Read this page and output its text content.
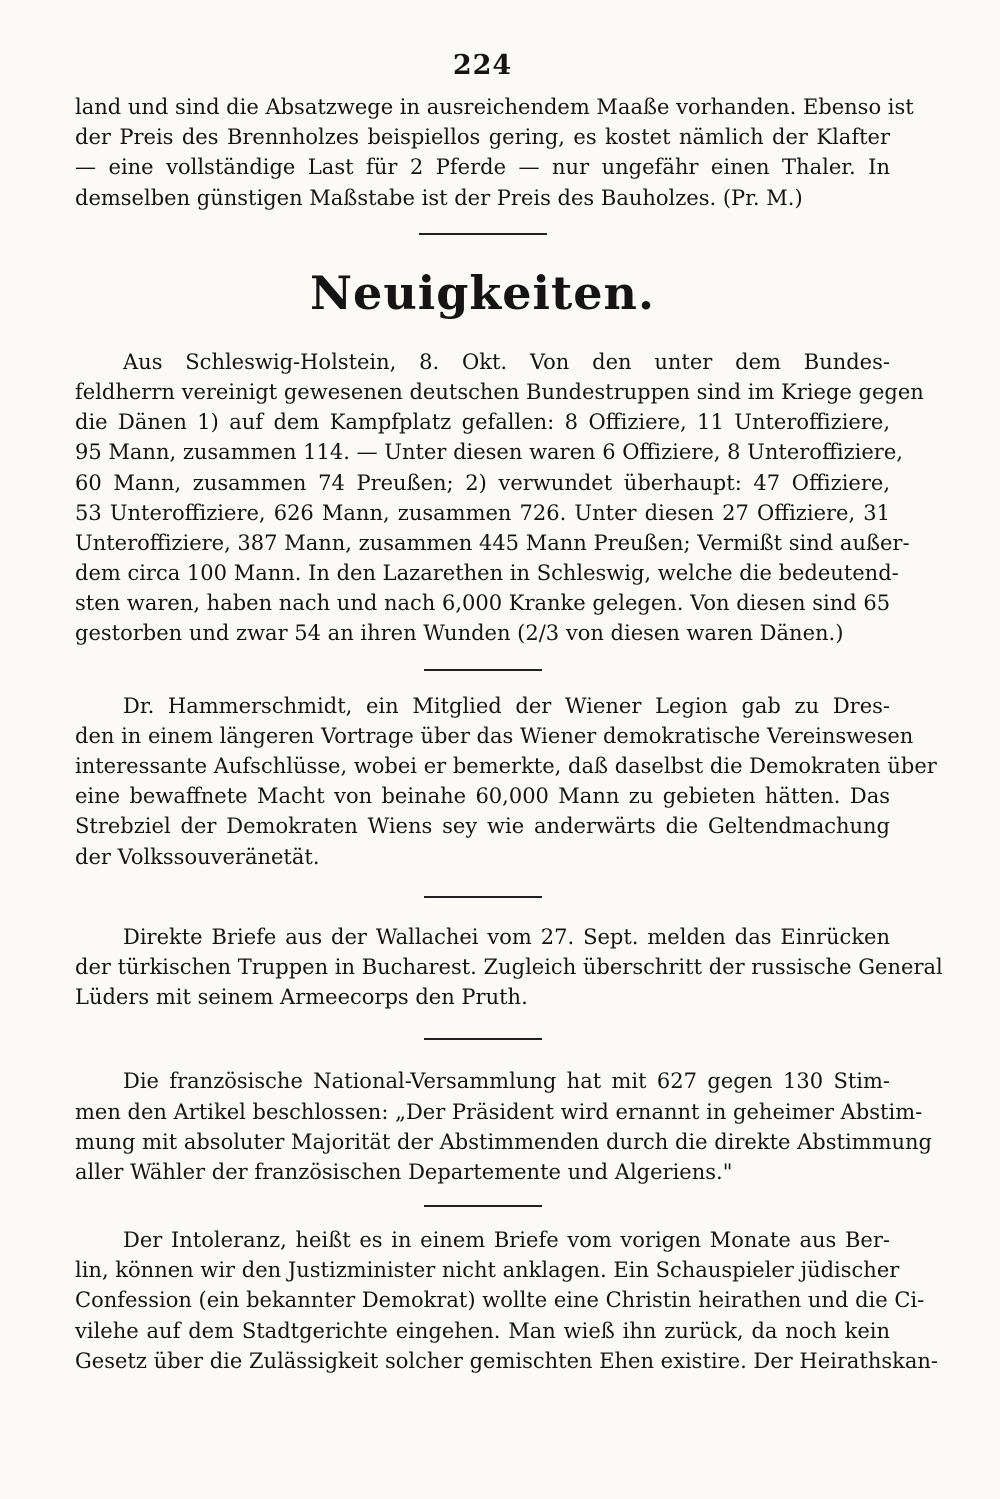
224
land und sind die Absatzwege in ausreichendem Maaße vorhanden. Ebenso ist
der Preis des Brennholzes beispiellos gering, es kostet nämlich der Klafter
— eine vollständige Last für 2 Pferde — nur ungefähr einen Thaler. In
demselben günstigen Maßstabe ist der Preis des Bauholzes. (Pr. M.)
Neuigkeiten.
Aus Schleswig-Holstein, 8. Okt. Von den unter dem Bundes-
feldherrn vereinigt gewesenen deutschen Bundestruppen sind im Kriege gegen
die Dänen 1) auf dem Kampfplatz gefallen: 8 Offiziere, 11 Unteroffiziere,
95 Mann, zusammen 114. — Unter diesen waren 6 Offiziere, 8 Unteroffiziere,
60 Mann, zusammen 74 Preußen; 2) verwundet überhaupt: 47 Offiziere,
53 Unteroffiziere, 626 Mann, zusammen 726. Unter diesen 27 Offiziere, 31
Unteroffiziere, 387 Mann, zusammen 445 Mann Preußen; Vermißt sind außer-
dem circa 100 Mann. In den Lazarethen in Schleswig, welche die bedeutend-
sten waren, haben nach und nach 6,000 Kranke gelegen. Von diesen sind 65
gestorben und zwar 54 an ihren Wunden (2/3 von diesen waren Dänen.)
Dr. Hammerschmidt, ein Mitglied der Wiener Legion gab zu Dres-
den in einem längeren Vortrage über das Wiener demokratische Vereinswesen
interessante Aufschlüsse, wobei er bemerkte, daß daselbst die Demokraten über
eine bewaffnete Macht von beinahe 60,000 Mann zu gebieten hätten. Das
Strebziel der Demokraten Wiens sey wie anderwärts die Geltendmachung
der Volkssouveränetät.
Direkte Briefe aus der Wallachei vom 27. Sept. melden das Einrücken
der türkischen Truppen in Bucharest. Zugleich überschritt der russische General
Lüders mit seinem Armeecorps den Pruth.
Die französische National-Versammlung hat mit 627 gegen 130 Stim-
men den Artikel beschlossen: „Der Präsident wird ernannt in geheimer Abstim-
mung mit absoluter Majorität der Abstimmenden durch die direkte Abstimmung
aller Wähler der französischen Departemente und Algeriens."
Der Intoleranz, heißt es in einem Briefe vom vorigen Monate aus Ber-
lin, können wir den Justizminister nicht anklagen. Ein Schauspieler jüdischer
Confession (ein bekannter Demokrat) wollte eine Christin heirathen und die Ci-
vilehe auf dem Stadtgerichte eingehen. Man wieß ihn zurück, da noch kein
Gesetz über die Zulässigkeit solcher gemischten Ehen existire. Der Heirathskan-
